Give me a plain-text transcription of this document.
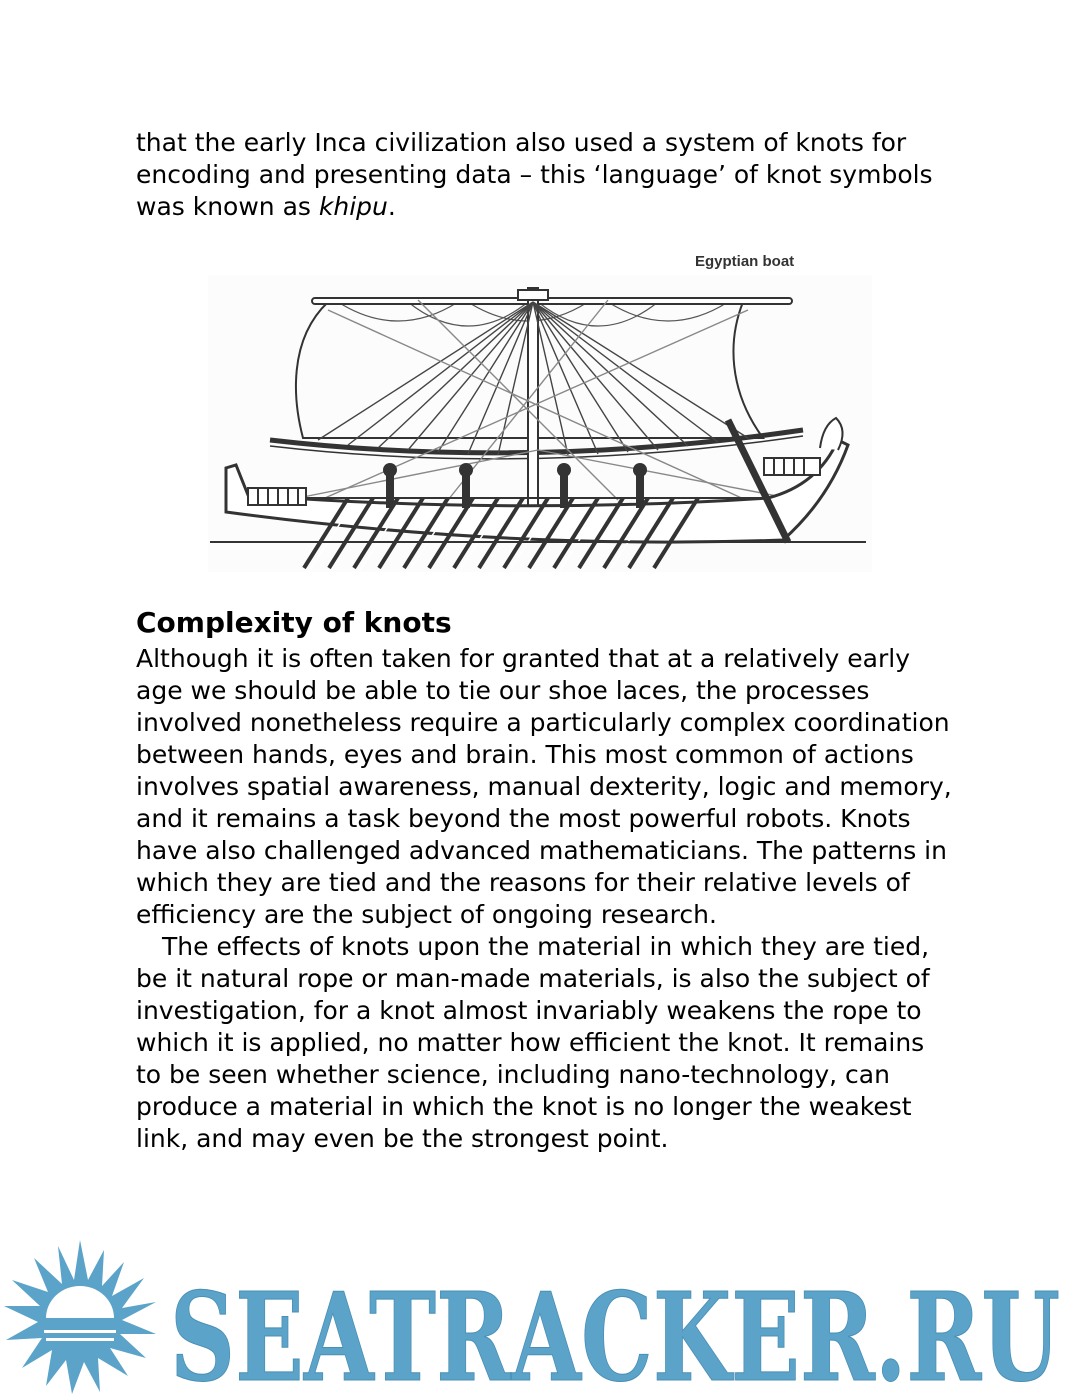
that the early Inca civilization also used a system of knots for encoding and presenting data – this ‘language’ of knot symbols was known as khipu.
Egyptian boat
Complexity of knots

Although it is often taken for granted that at a relatively early age we should be able to tie our shoe laces, the processes involved nonetheless require a particularly complex coordination between hands, eyes and brain. This most common of actions involves spatial awareness, manual dexterity, logic and memory, and it remains a task beyond the most powerful robots. Knots have also challenged advanced mathematicians. The patterns in which they are tied and the reasons for their relative levels of efficiency are the subject of ongoing research.

The effects of knots upon the material in which they are tied, be it natural rope or man-made materials, is also the subject of investigation, for a knot almost invariably weakens the rope to which it is applied, no matter how efficient the knot. It remains to be seen whether science, including nano-technology, can produce a material in which the knot is no longer the weakest link, and may even be the strongest point.

SEATRACKER.RU
